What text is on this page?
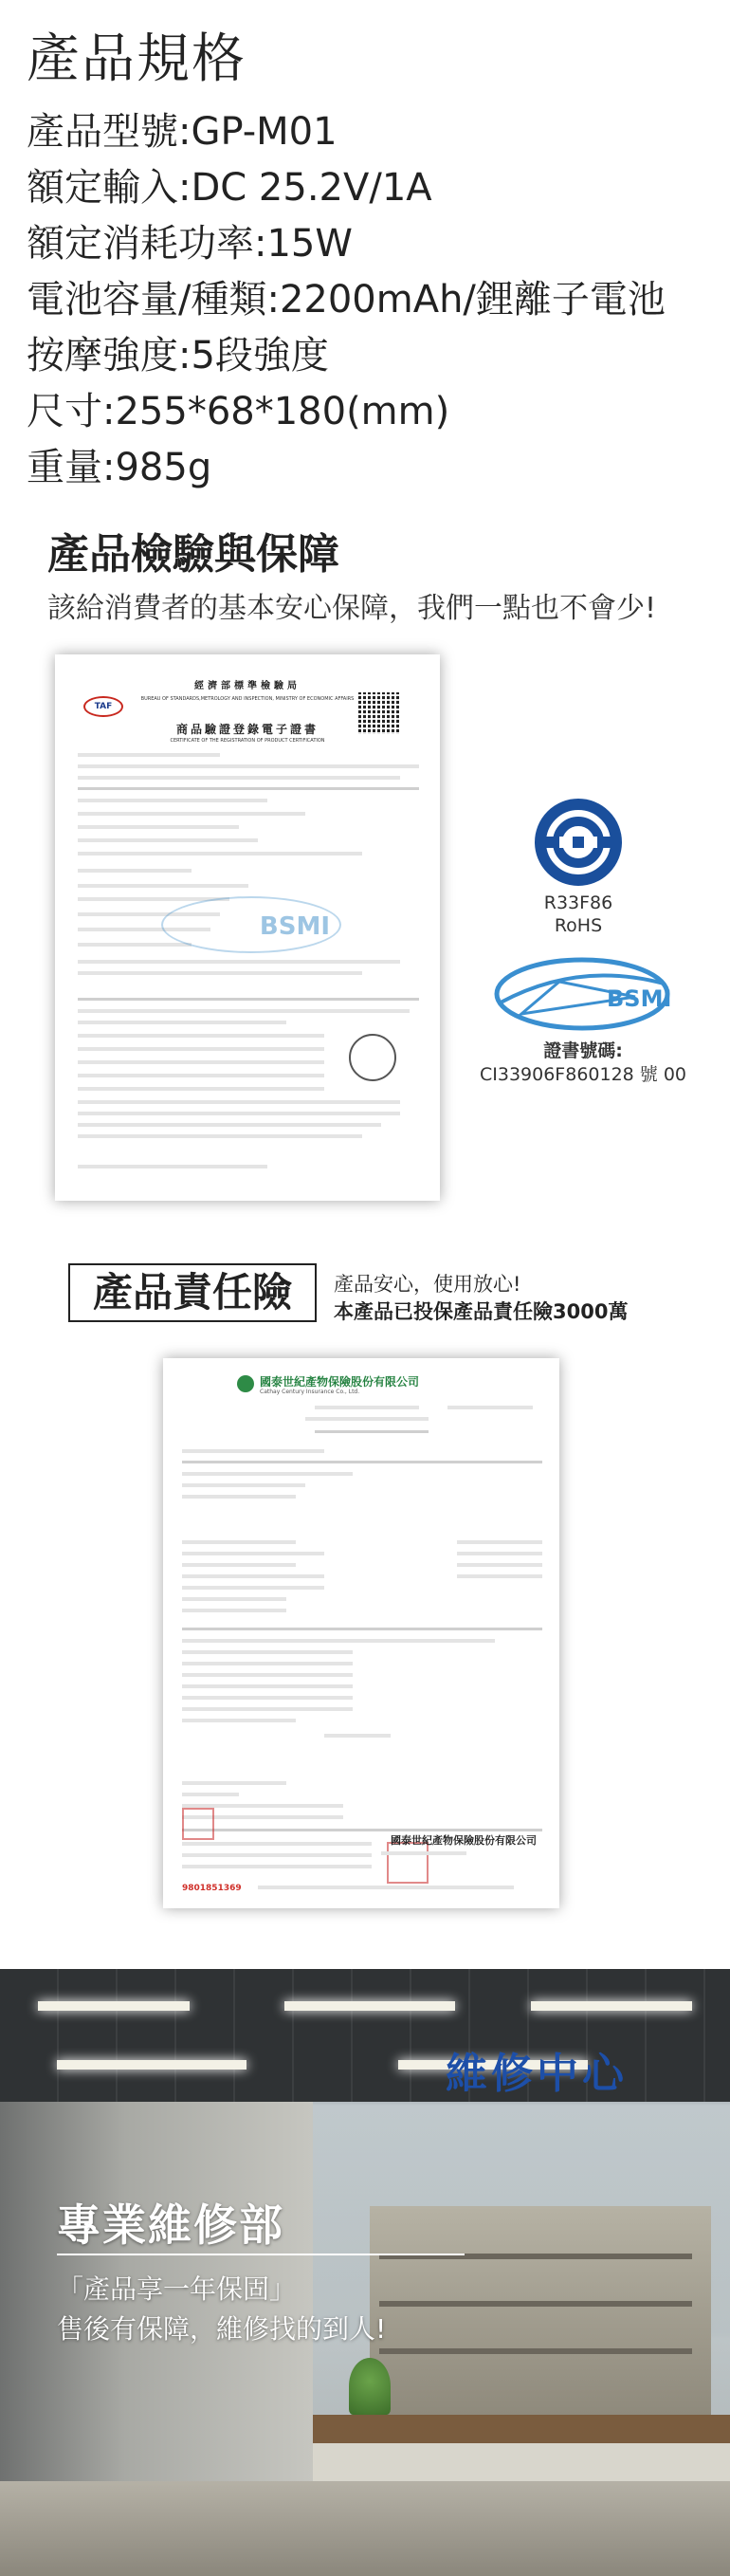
產品規格
產品型號:GP-M01
額定輸入:DC 25.2V/1A
額定消耗功率:15W
電池容量/種類:2200mAh/鋰離子電池
按摩強度:5段強度
尺寸:255*68*180(mm)
重量:985g
產品檢驗與保障
該給消費者的基本安心保障，我們一點也不會少!
TAF
經濟部標準檢驗局
BUREAU OF STANDARDS,METROLOGY AND INSPECTION, MINISTRY OF ECONOMIC AFFAIRS
商品驗證登錄電子證書
CERTIFICATE OF THE REGISTRATION OF PRODUCT CERTIFICATION
BSMI
R33F86
RoHS
BSMI
證書號碼:
CI33906F860128 號 00
產品責任險	產品安心，使用放心!
本產品已投保產品責任險3000萬
國泰世紀產物保險股份有限公司
Cathay Century Insurance Co., Ltd.
國泰世紀產物保險股份有限公司
9801851369
維修中心
專業維修部
「產品享一年保固」
售後有保障，維修找的到人!
